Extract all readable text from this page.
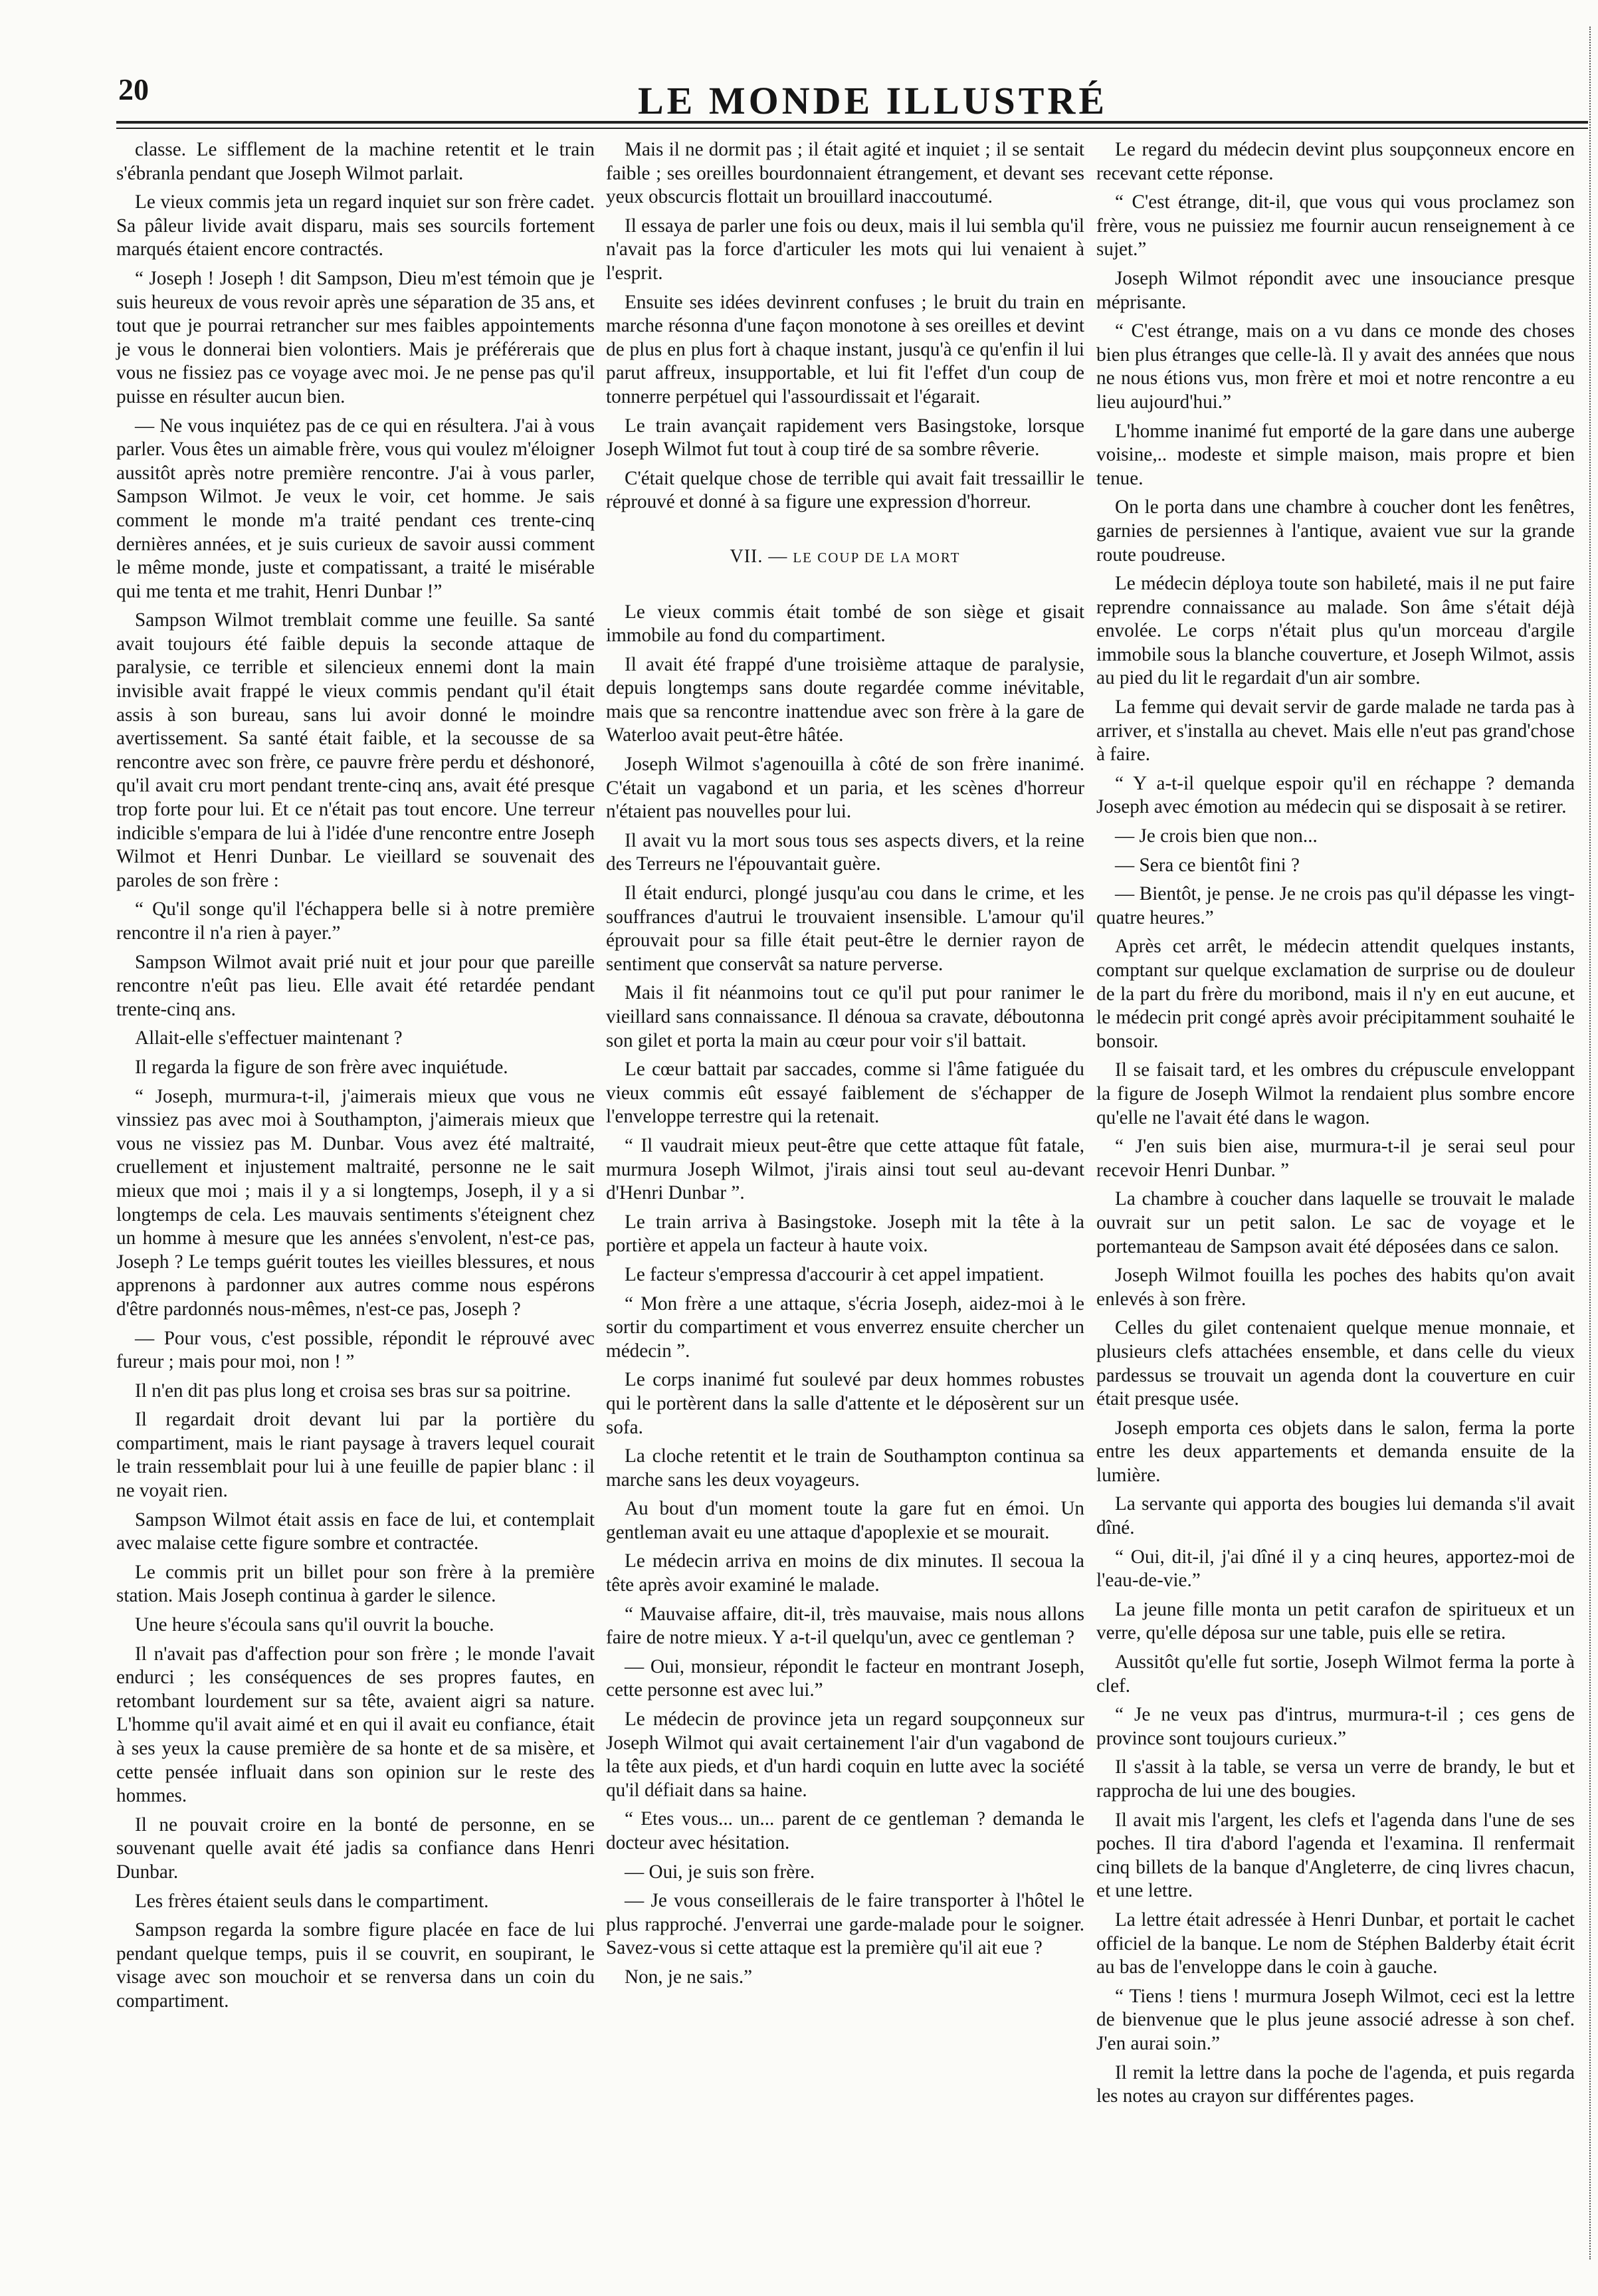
20	LE MONDE ILLUSTRÉ

classe. Le sifflement de la machine retentit et le train s'ébranla pendant que Joseph Wilmot parlait.

Le vieux commis jeta un regard inquiet sur son frère cadet. Sa pâleur livide avait disparu, mais ses sourcils fortement marqués étaient encore contractés.

“ Joseph ! Joseph ! dit Sampson, Dieu m'est témoin que je suis heureux de vous revoir après une séparation de 35 ans, et tout que je pourrai retrancher sur mes faibles appointements je vous le donnerai bien volontiers. Mais je préférerais que vous ne fissiez pas ce voyage avec moi. Je ne pense pas qu'il puisse en résulter aucun bien.

— Ne vous inquiétez pas de ce qui en résultera. J'ai à vous parler. Vous êtes un aimable frère, vous qui voulez m'éloigner aussitôt après notre première rencontre. J'ai à vous parler, Sampson Wilmot. Je veux le voir, cet homme. Je sais comment le monde m'a traité pendant ces trente-cinq dernières années, et je suis curieux de savoir aussi comment le même monde, juste et compatissant, a traité le misérable qui me tenta et me trahit, Henri Dunbar !”

Sampson Wilmot tremblait comme une feuille. Sa santé avait toujours été faible depuis la seconde attaque de paralysie, ce terrible et silencieux ennemi dont la main invisible avait frappé le vieux commis pendant qu'il était assis à son bureau, sans lui avoir donné le moindre avertissement. Sa santé était faible, et la secousse de sa rencontre avec son frère, ce pauvre frère perdu et déshonoré, qu'il avait cru mort pendant trente-cinq ans, avait été presque trop forte pour lui. Et ce n'était pas tout encore. Une terreur indicible s'empara de lui à l'idée d'une rencontre entre Joseph Wilmot et Henri Dunbar. Le vieillard se souvenait des paroles de son frère :

“ Qu'il songe qu'il l'échappera belle si à notre première rencontre il n'a rien à payer.”

Sampson Wilmot avait prié nuit et jour pour que pareille rencontre n'eût pas lieu. Elle avait été retardée pendant trente-cinq ans.

Allait-elle s'effectuer maintenant ?

Il regarda la figure de son frère avec inquiétude.

“ Joseph, murmura-t-il, j'aimerais mieux que vous ne vinssiez pas avec moi à Southampton, j'aimerais mieux que vous ne vissiez pas M. Dunbar. Vous avez été maltraité, cruellement et injustement maltraité, personne ne le sait mieux que moi ; mais il y a si longtemps, Joseph, il y a si longtemps de cela. Les mauvais sentiments s'éteignent chez un homme à mesure que les années s'envolent, n'est-ce pas, Joseph ? Le temps guérit toutes les vieilles blessures, et nous apprenons à pardonner aux autres comme nous espérons d'être pardonnés nous-mêmes, n'est-ce pas, Joseph ?

— Pour vous, c'est possible, répondit le réprouvé avec fureur ; mais pour moi, non ! ”

Il n'en dit pas plus long et croisa ses bras sur sa poitrine.

Il regardait droit devant lui par la portière du compartiment, mais le riant paysage à travers lequel courait le train ressemblait pour lui à une feuille de papier blanc : il ne voyait rien.

Sampson Wilmot était assis en face de lui, et contemplait avec malaise cette figure sombre et contractée.

Le commis prit un billet pour son frère à la première station. Mais Joseph continua à garder le silence.

Une heure s'écoula sans qu'il ouvrit la bouche.

Il n'avait pas d'affection pour son frère ; le monde l'avait endurci ; les conséquences de ses propres fautes, en retombant lourdement sur sa tête, avaient aigri sa nature. L'homme qu'il avait aimé et en qui il avait eu confiance, était à ses yeux la cause première de sa honte et de sa misère, et cette pensée influait dans son opinion sur le reste des hommes.

Il ne pouvait croire en la bonté de personne, en se souvenant quelle avait été jadis sa confiance dans Henri Dunbar.

Les frères étaient seuls dans le compartiment.

Sampson regarda la sombre figure placée en face de lui pendant quelque temps, puis il se couvrit, en soupirant, le visage avec son mouchoir et se renversa dans un coin du compartiment.

Mais il ne dormit pas ; il était agité et inquiet ; il se sentait faible ; ses oreilles bourdonnaient étrangement, et devant ses yeux obscurcis flottait un brouillard inaccoutumé.

Il essaya de parler une fois ou deux, mais il lui sembla qu'il n'avait pas la force d'articuler les mots qui lui venaient à l'esprit.

Ensuite ses idées devinrent confuses ; le bruit du train en marche résonna d'une façon monotone à ses oreilles et devint de plus en plus fort à chaque instant, jusqu'à ce qu'enfin il lui parut affreux, insupportable, et lui fit l'effet d'un coup de tonnerre perpétuel qui l'assourdissait et l'égarait.

Le train avançait rapidement vers Basingstoke, lorsque Joseph Wilmot fut tout à coup tiré de sa sombre rêverie.

C'était quelque chose de terrible qui avait fait tressaillir le réprouvé et donné à sa figure une expression d'horreur.

VII. — LE COUP DE LA MORT

Le vieux commis était tombé de son siège et gisait immobile au fond du compartiment.

Il avait été frappé d'une troisième attaque de paralysie, depuis longtemps sans doute regardée comme inévitable, mais que sa rencontre inattendue avec son frère à la gare de Waterloo avait peut-être hâtée.

Joseph Wilmot s'agenouilla à côté de son frère inanimé. C'était un vagabond et un paria, et les scènes d'horreur n'étaient pas nouvelles pour lui.

Il avait vu la mort sous tous ses aspects divers, et la reine des Terreurs ne l'épouvantait guère.

Il était endurci, plongé jusqu'au cou dans le crime, et les souffrances d'autrui le trouvaient insensible. L'amour qu'il éprouvait pour sa fille était peut-être le dernier rayon de sentiment que conservât sa nature perverse.

Mais il fit néanmoins tout ce qu'il put pour ranimer le vieillard sans connaissance. Il dénoua sa cravate, déboutonna son gilet et porta la main au cœur pour voir s'il battait.

Le cœur battait par saccades, comme si l'âme fatiguée du vieux commis eût essayé faiblement de s'échapper de l'enveloppe terrestre qui la retenait.

“ Il vaudrait mieux peut-être que cette attaque fût fatale, murmura Joseph Wilmot, j'irais ainsi tout seul au-devant d'Henri Dunbar ”.

Le train arriva à Basingstoke. Joseph mit la tête à la portière et appela un facteur à haute voix.

Le facteur s'empressa d'accourir à cet appel impatient.

“ Mon frère a une attaque, s'écria Joseph, aidez-moi à le sortir du compartiment et vous enverrez ensuite chercher un médecin ”.

Le corps inanimé fut soulevé par deux hommes robustes qui le portèrent dans la salle d'attente et le déposèrent sur un sofa.

La cloche retentit et le train de Southampton continua sa marche sans les deux voyageurs.

Au bout d'un moment toute la gare fut en émoi. Un gentleman avait eu une attaque d'apoplexie et se mourait.

Le médecin arriva en moins de dix minutes. Il secoua la tête après avoir examiné le malade.

“ Mauvaise affaire, dit-il, très mauvaise, mais nous allons faire de notre mieux. Y a-t-il quelqu'un, avec ce gentleman ?

— Oui, monsieur, répondit le facteur en montrant Joseph, cette personne est avec lui.”

Le médecin de province jeta un regard soupçonneux sur Joseph Wilmot qui avait certainement l'air d'un vagabond de la tête aux pieds, et d'un hardi coquin en lutte avec la société qu'il défiait dans sa haine.

“ Etes vous... un... parent de ce gentleman ? demanda le docteur avec hésitation.

— Oui, je suis son frère.

— Je vous conseillerais de le faire transporter à l'hôtel le plus rapproché. J'enverrai une garde-malade pour le soigner. Savez-vous si cette attaque est la première qu'il ait eue ?

Non, je ne sais.”

Le regard du médecin devint plus soupçonneux encore en recevant cette réponse.

“ C'est étrange, dit-il, que vous qui vous proclamez son frère, vous ne puissiez me fournir aucun renseignement à ce sujet.”

Joseph Wilmot répondit avec une insouciance presque méprisante.

“ C'est étrange, mais on a vu dans ce monde des choses bien plus étranges que celle-là. Il y avait des années que nous ne nous étions vus, mon frère et moi et notre rencontre a eu lieu aujourd'hui.”

L'homme inanimé fut emporté de la gare dans une auberge voisine,.. modeste et simple maison, mais propre et bien tenue.

On le porta dans une chambre à coucher dont les fenêtres, garnies de persiennes à l'antique, avaient vue sur la grande route poudreuse.

Le médecin déploya toute son habileté, mais il ne put faire reprendre connaissance au malade. Son âme s'était déjà envolée. Le corps n'était plus qu'un morceau d'argile immobile sous la blanche couverture, et Joseph Wilmot, assis au pied du lit le regardait d'un air sombre.

La femme qui devait servir de garde malade ne tarda pas à arriver, et s'installa au chevet. Mais elle n'eut pas grand'chose à faire.

“ Y a-t-il quelque espoir qu'il en réchappe ? demanda Joseph avec émotion au médecin qui se disposait à se retirer.

— Je crois bien que non...

— Sera ce bientôt fini ?

— Bientôt, je pense. Je ne crois pas qu'il dépasse les vingt-quatre heures.”

Après cet arrêt, le médecin attendit quelques instants, comptant sur quelque exclamation de surprise ou de douleur de la part du frère du moribond, mais il n'y en eut aucune, et le médecin prit congé après avoir précipitamment souhaité le bonsoir.

Il se faisait tard, et les ombres du crépuscule enveloppant la figure de Joseph Wilmot la rendaient plus sombre encore qu'elle ne l'avait été dans le wagon.

“ J'en suis bien aise, murmura-t-il je serai seul pour recevoir Henri Dunbar. ”

La chambre à coucher dans laquelle se trouvait le malade ouvrait sur un petit salon. Le sac de voyage et le portemanteau de Sampson avait été déposées dans ce salon.

Joseph Wilmot fouilla les poches des habits qu'on avait enlevés à son frère.

Celles du gilet contenaient quelque menue monnaie, et plusieurs clefs attachées ensemble, et dans celle du vieux pardessus se trouvait un agenda dont la couverture en cuir était presque usée.

Joseph emporta ces objets dans le salon, ferma la porte entre les deux appartements et demanda ensuite de la lumière.

La servante qui apporta des bougies lui demanda s'il avait dîné.

“ Oui, dit-il, j'ai dîné il y a cinq heures, apportez-moi de l'eau-de-vie.”

La jeune fille monta un petit carafon de spiritueux et un verre, qu'elle déposa sur une table, puis elle se retira.

Aussitôt qu'elle fut sortie, Joseph Wilmot ferma la porte à clef.

“ Je ne veux pas d'intrus, murmura-t-il ; ces gens de province sont toujours curieux.”

Il s'assit à la table, se versa un verre de brandy, le but et rapprocha de lui une des bougies.

Il avait mis l'argent, les clefs et l'agenda dans l'une de ses poches. Il tira d'abord l'agenda et l'examina. Il renfermait cinq billets de la banque d'Angleterre, de cinq livres chacun, et une lettre.

La lettre était adressée à Henri Dunbar, et portait le cachet officiel de la banque. Le nom de Stéphen Balderby était écrit au bas de l'enveloppe dans le coin à gauche.

“ Tiens ! tiens ! murmura Joseph Wilmot, ceci est la lettre de bienvenue que le plus jeune associé adresse à son chef. J'en aurai soin.”

Il remit la lettre dans la poche de l'agenda, et puis regarda les notes au crayon sur différentes pages.
